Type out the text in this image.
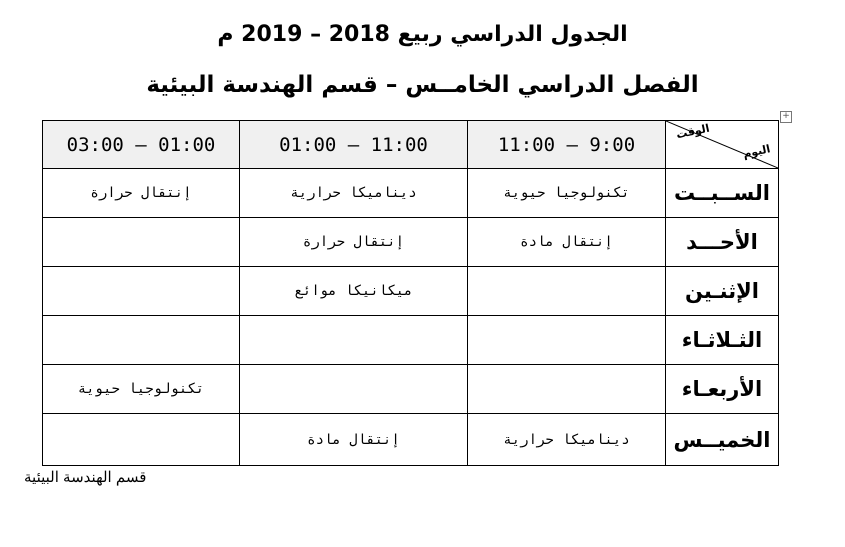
الجدول الدراسي ربيع 2018 – 2019 م
الفصل الدراسي الخامــس – قسم الهندسة البيئية
+
الوقت
اليوم	11:00 – 9:00	01:00 – 11:00	03:00 – 01:00
الســبــت	تكنولوجيا حيوية	ديناميكا حرارية	إنتقال حرارة
الأحـــد	إنتقال مادة	إنتقال حرارة	
الإثنـين		ميكانيكا موائع	
الثـلاثـاء			
الأربعـاء			تكنولوجيا حيوية
الخميــس	ديناميكا حرارية	إنتقال مادة	
قسم الهندسة البيئية
